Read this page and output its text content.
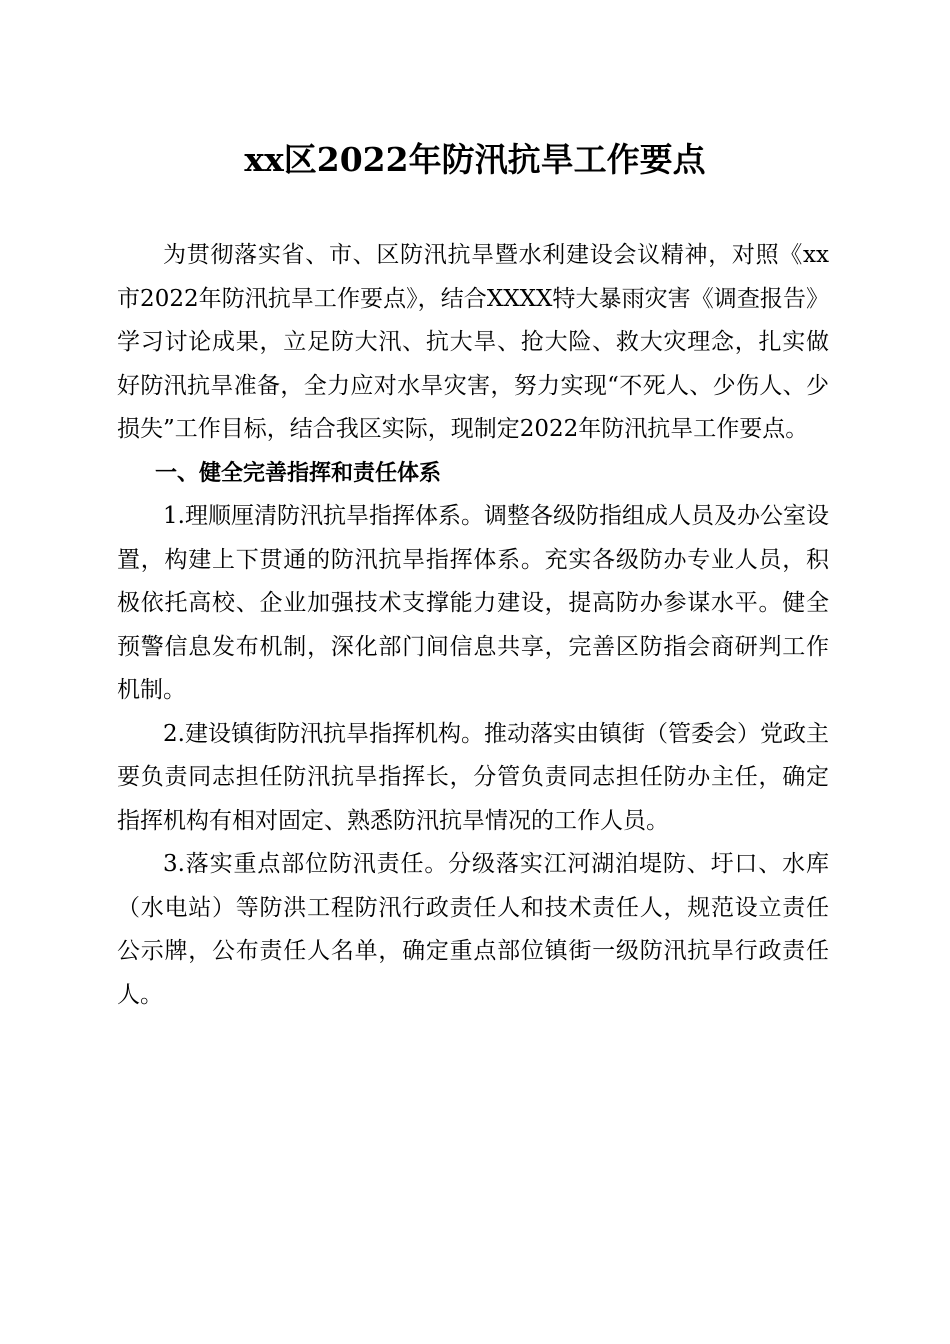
xx区2022年防汛抗旱工作要点

为贯彻落实省、市、区防汛抗旱暨水利建设会议精神，对照《xx市2022年防汛抗旱工作要点》，结合XXXX特大暴雨灾害《调查报告》学习讨论成果，立足防大汛、抗大旱、抢大险、救大灾理念，扎实做好防汛抗旱准备，全力应对水旱灾害，努力实现“不死人、少伤人、少损失”工作目标，结合我区实际，现制定2022年防汛抗旱工作要点。

一、健全完善指挥和责任体系

1.理顺厘清防汛抗旱指挥体系。调整各级防指组成人员及办公室设置，构建上下贯通的防汛抗旱指挥体系。充实各级防办专业人员，积极依托高校、企业加强技术支撑能力建设，提高防办参谋水平。健全预警信息发布机制，深化部门间信息共享，完善区防指会商研判工作机制。

2.建设镇街防汛抗旱指挥机构。推动落实由镇街（管委会）党政主要负责同志担任防汛抗旱指挥长，分管负责同志担任防办主任，确定指挥机构有相对固定、熟悉防汛抗旱情况的工作人员。

3.落实重点部位防汛责任。分级落实江河湖泊堤防、圩口、水库（水电站）等防洪工程防汛行政责任人和技术责任人，规范设立责任公示牌，公布责任人名单，确定重点部位镇街一级防汛抗旱行政责任人。
